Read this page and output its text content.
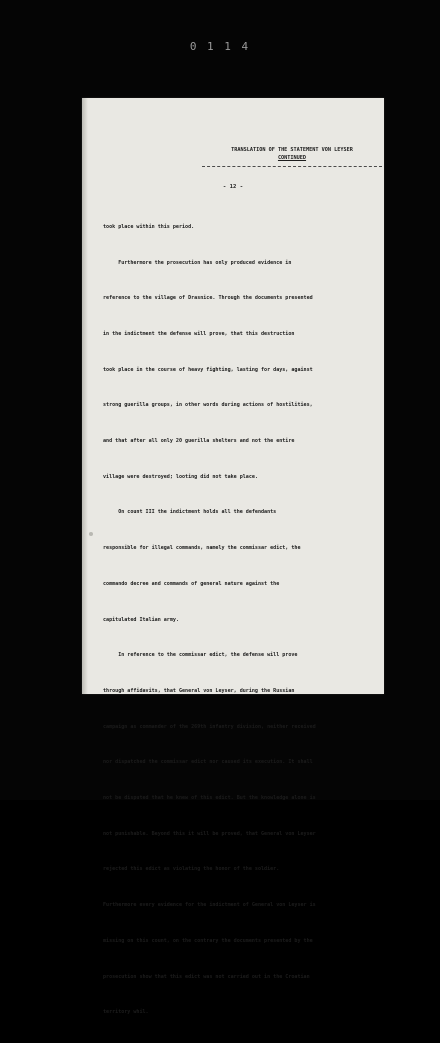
0 1 1 4
TRANSLATION OF THE STATEMENT VON LEYSER
CONTINUED
- 12 -

took place within this period.

Furthermore the prosecution has only produced evidence in

reference to the village of Drasnice. Through the documents presented

in the indictment the defense will prove, that this destruction

took place in the course of heavy fighting, lasting for days, against

strong guerilla groups, in other words during actions of hostilities,

and that after all only 20 guerilla shelters and not the entire

village were destroyed; looting did not take place.

On count III the indictment holds all the defendants

responsible for illegal commands, namely the commissar edict, the

commando decree and commands of general nature against the

capitulated Italian army.

In reference to the commissar edict, the defense will prove

through affidavits, that General von Leyser, during the Russian

campaign as commander of the 269th infantry division, neither received

nor dispatched the commissar edict nor caused its execution. It shall

not be disputed that he knew of this edict. But the knowledge alone is

not punishable. Beyond this it will be proved, that General von Leyser

rejected this edict as violating the honor of the soldier.

Furthermore every evidence for the indictment of General von Leyser is

missing on this count, on the contrary the documents presented by the

prosecution show that this edict was not carried out in the Croatian

territory whil.
